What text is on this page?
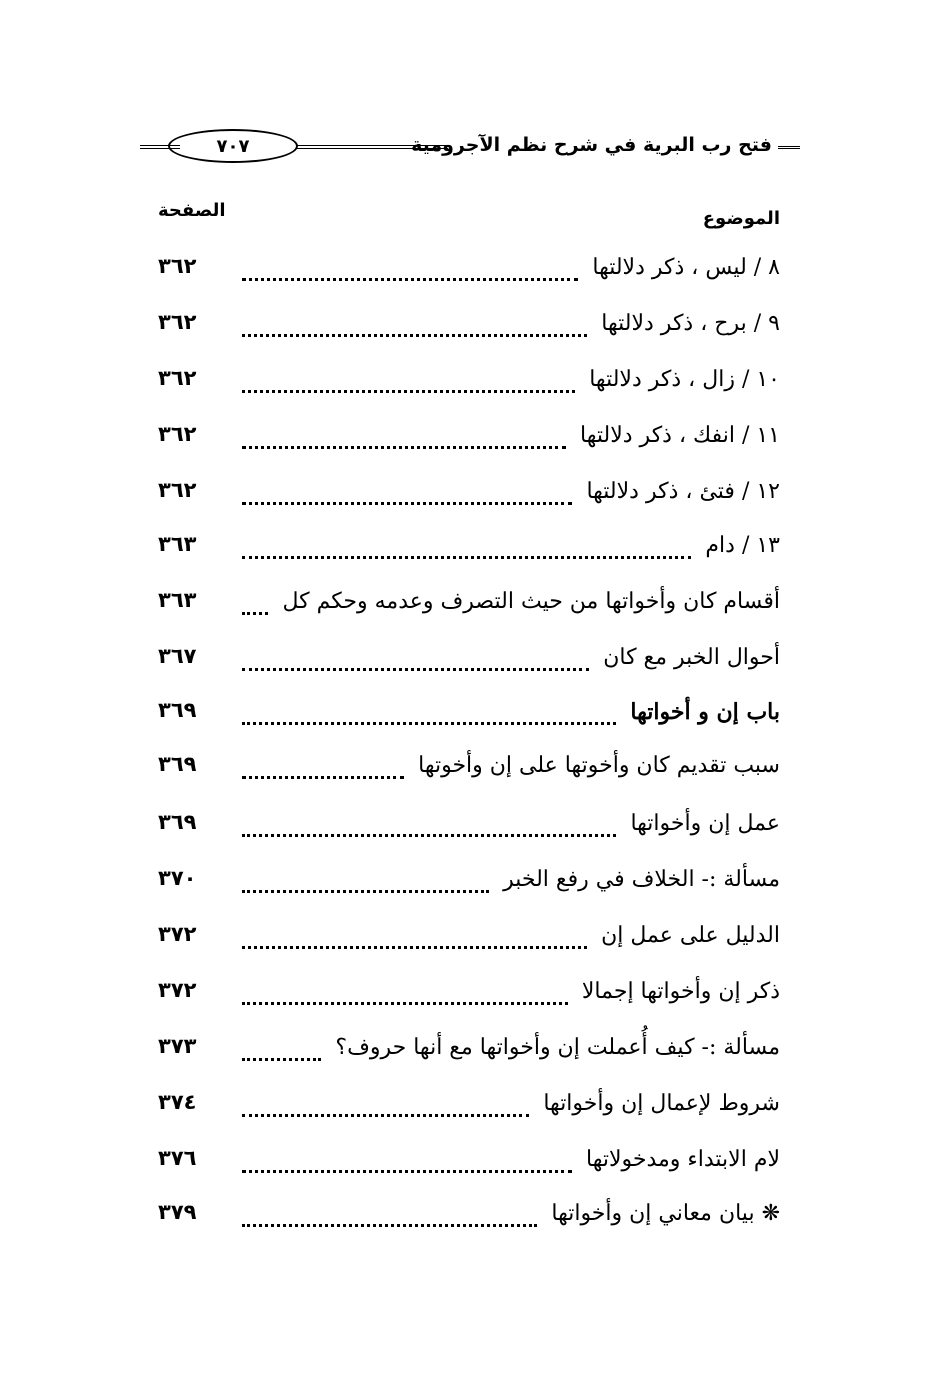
فتح رب البرية في شرح نظم الآجرومية
٧٠٧
الموضوع
الصفحة
٣٦٢	٨ / ليس ، ذكر دلالتها
٣٦٢	٩ / برح ، ذكر دلالتها
٣٦٢	١٠ / زال ، ذكر دلالتها
٣٦٢	١١ / انفك ، ذكر دلالتها
٣٦٢	١٢ / فتئ ، ذكر دلالتها
٣٦٣	١٣ / دام
٣٦٣	أقسام كان وأخواتها من حيث التصرف وعدمه وحكم كل
٣٦٧	أحوال الخبر مع كان
٣٦٩	باب إن و أخواتها
٣٦٩	سبب تقديم كان وأخوتها على إن وأخوتها
٣٦٩	عمل إن وأخواتها
٣٧٠	مسألة :- الخلاف في رفع الخبر
٣٧٢	الدليل على عمل إن
٣٧٢	ذكر إن وأخواتها إجمالا
٣٧٣	مسألة :- كيف أُعملت إن وأخواتها مع أنها حروف؟
٣٧٤	شروط لإعمال إن وأخواتها
٣٧٦	لام الابتداء ومدخولاتها
٣٧٩	❋ بيان معاني إن وأخواتها
